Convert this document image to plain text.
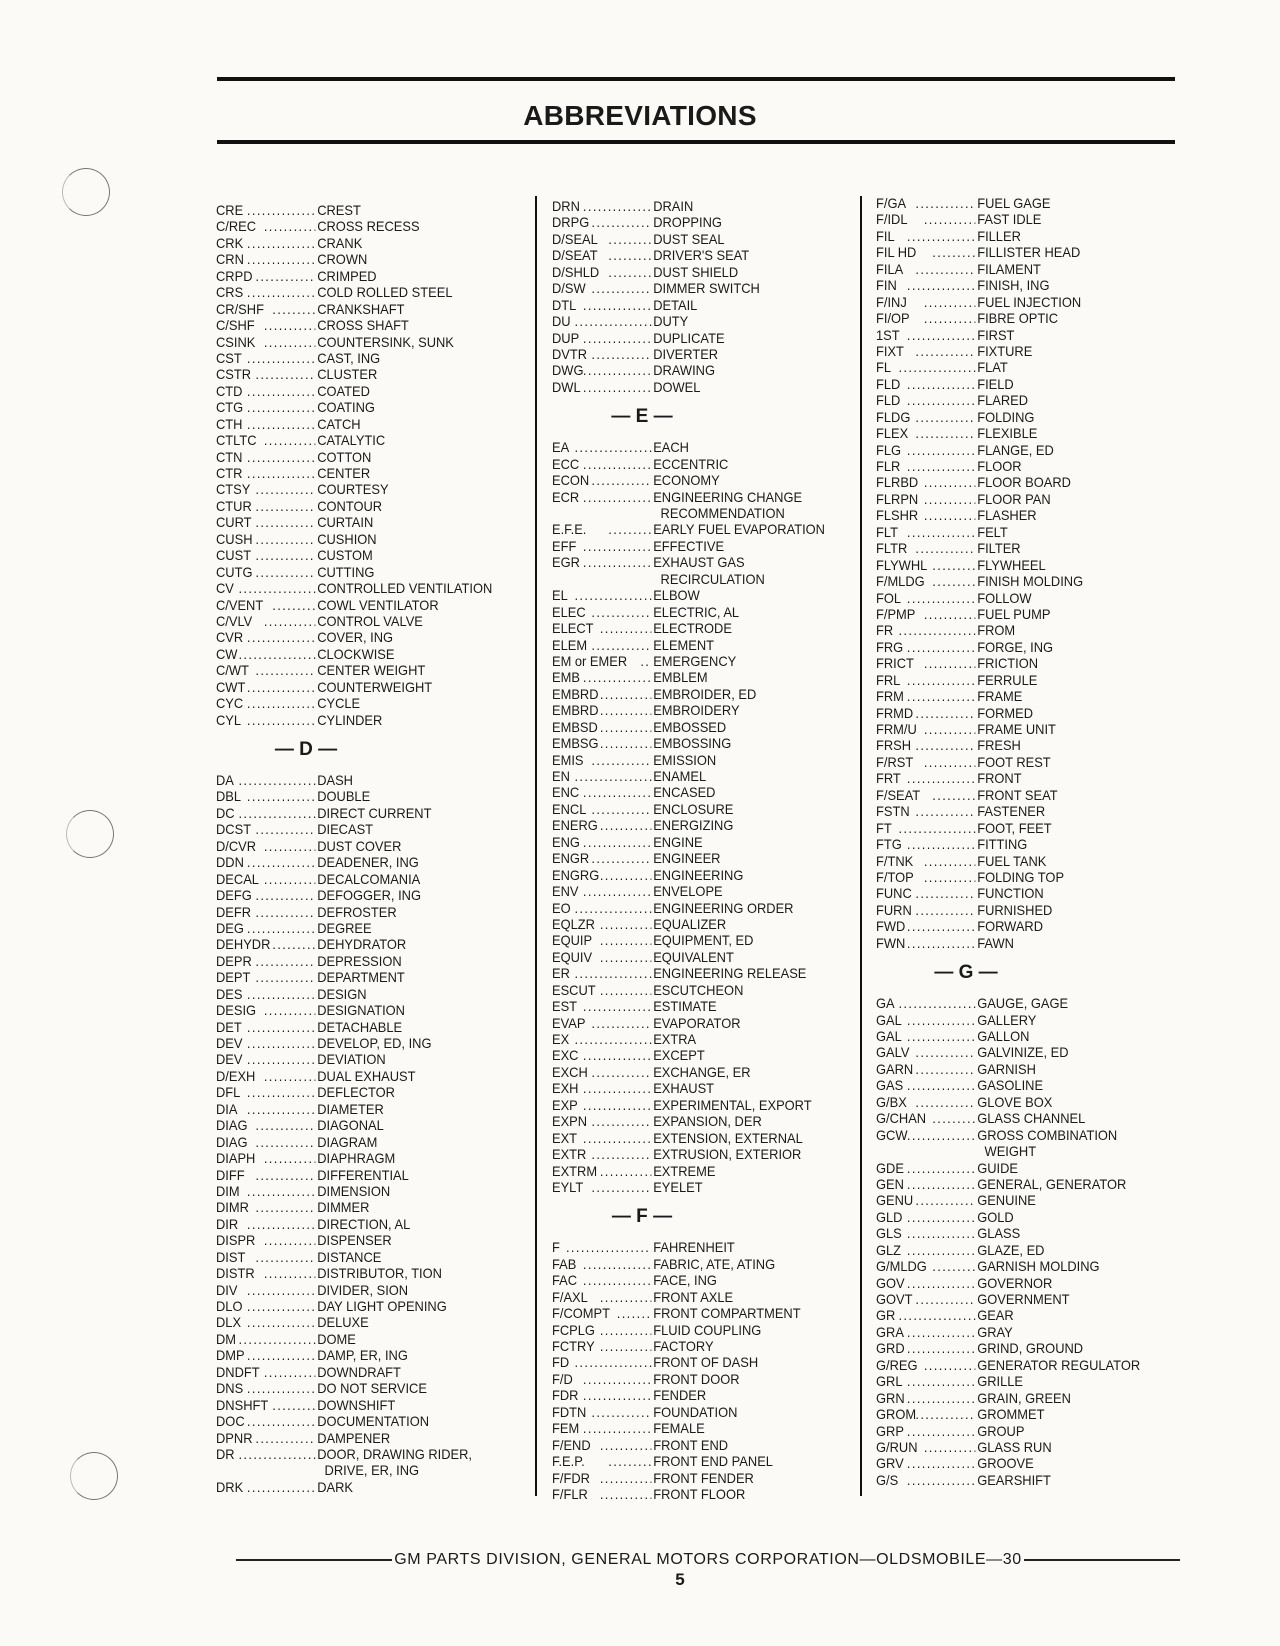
ABBREVIATIONS
CRE .....	CREST
C/REC .....	CROSS RECESS
CRK .....	CRANK
CRN .....	CROWN
CRPD .....	CRIMPED
CRS .....	COLD ROLLED STEEL
CR/SHF .....	CRANKSHAFT
C/SHF .....	CROSS SHAFT
CSINK .....	COUNTERSINK, SUNK
CST .....	CAST, ING
CSTR .....	CLUSTER
CTD .....	COATED
CTG .....	COATING
CTH .....	CATCH
CTLTC .....	CATALYTIC
CTN .....	COTTON
CTR .....	CENTER
CTSY .....	COURTESY
CTUR .....	CONTOUR
CURT .....	CURTAIN
CUSH .....	CUSHION
CUST .....	CUSTOM
CUTG .....	CUTTING
CV .....	CONTROLLED VENTILATION
C/VENT .....	COWL VENTILATOR
C/VLV .....	CONTROL VALVE
CVR .....	COVER, ING
CW .....	CLOCKWISE
C/WT .....	CENTER WEIGHT
CWT .....	COUNTERWEIGHT
CYC .....	CYCLE
CYL .....	CYLINDER
— D —
DA .....	DASH
DBL .....	DOUBLE
DC .....	DIRECT CURRENT
DCST .....	DIECAST
D/CVR .....	DUST COVER
DDN .....	DEADENER, ING
DECAL .....	DECALCOMANIA
DEFG .....	DEFOGGER, ING
DEFR .....	DEFROSTER
DEG .....	DEGREE
DEHYDR .....	DEHYDRATOR
DEPR .....	DEPRESSION
DEPT .....	DEPARTMENT
DES .....	DESIGN
DESIG .....	DESIGNATION
DET .....	DETACHABLE
DEV .....	DEVELOP, ED, ING
DEV .....	DEVIATION
D/EXH .....	DUAL EXHAUST
DFL .....	DEFLECTOR
DIA .....	DIAMETER
DIAG .....	DIAGONAL
DIAG .....	DIAGRAM
DIAPH .....	DIAPHRAGM
DIFF .....	DIFFERENTIAL
DIM .....	DIMENSION
DIMR .....	DIMMER
DIR .....	DIRECTION, AL
DISPR .....	DISPENSER
DIST .....	DISTANCE
DISTR .....	DISTRIBUTOR, TION
DIV .....	DIVIDER, SION
DLO .....	DAY LIGHT OPENING
DLX .....	DELUXE
DM .....	DOME
DMP .....	DAMP, ER, ING
DNDFT .....	DOWNDRAFT
DNS .....	DO NOT SERVICE
DNSHFT .....	DOWNSHIFT
DOC .....	DOCUMENTATION
DPNR .....	DAMPENER
DR .....	DOOR, DRAWING RIDER,
DRIVE, ER, ING
DRK .....	DARK
DRN .....	DRAIN
DRPG .....	DROPPING
D/SEAL .....	DUST SEAL
D/SEAT .....	DRIVER'S SEAT
D/SHLD .....	DUST SHIELD
D/SW .....	DIMMER SWITCH
DTL .....	DETAIL
DU .....	DUTY
DUP .....	DUPLICATE
DVTR .....	DIVERTER
DWG .....	DRAWING
DWL .....	DOWEL
— E —
EA .....	EACH
ECC .....	ECCENTRIC
ECON .....	ECONOMY
ECR .....	ENGINEERING CHANGE
RECOMMENDATION
E.F.E. .....	EARLY FUEL EVAPORATION
EFF .....	EFFECTIVE
EGR .....	EXHAUST GAS
RECIRCULATION
EL .....	ELBOW
ELEC .....	ELECTRIC, AL
ELECT .....	ELECTRODE
ELEM .....	ELEMENT
EM or EMER ..... EMERGENCY
EMB .....	EMBLEM
EMBRD .....	EMBROIDER, ED
EMBRD .....	EMBROIDERY
EMBSD .....	EMBOSSED
EMBSG .....	EMBOSSING
EMIS .....	EMISSION
EN .....	ENAMEL
ENC .....	ENCASED
ENCL .....	ENCLOSURE
ENERG .....	ENERGIZING
ENG .....	ENGINE
ENGR .....	ENGINEER
ENGRG .....	ENGINEERING
ENV .....	ENVELOPE
EO .....	ENGINEERING ORDER
EQLZR .....	EQUALIZER
EQUIP .....	EQUIPMENT, ED
EQUIV .....	EQUIVALENT
ER .....	ENGINEERING RELEASE
ESCUT .....	ESCUTCHEON
EST .....	ESTIMATE
EVAP .....	EVAPORATOR
EX .....	EXTRA
EXC .....	EXCEPT
EXCH .....	EXCHANGE, ER
EXH .....	EXHAUST
EXP .....	EXPERIMENTAL, EXPORT
EXPN .....	EXPANSION, DER
EXT .....	EXTENSION, EXTERNAL
EXTR .....	EXTRUSION, EXTERIOR
EXTRM .....	EXTREME
EYLT .....	EYELET
— F —
F .....	FAHRENHEIT
FAB .....	FABRIC, ATE, ATING
FAC .....	FACE, ING
F/AXL .....	FRONT AXLE
F/COMPT .....	FRONT COMPARTMENT
FCPLG .....	FLUID COUPLING
FCTRY .....	FACTORY
FD .....	FRONT OF DASH
F/D .....	FRONT DOOR
FDR .....	FENDER
FDTN .....	FOUNDATION
FEM .....	FEMALE
F/END .....	FRONT END
F.E.P. .....	FRONT END PANEL
F/FDR .....	FRONT FENDER
F/FLR .....	FRONT FLOOR
F/GA .....	FUEL GAGE
F/IDL .....	FAST IDLE
FIL .....	FILLER
FIL HD .....	FILLISTER HEAD
FILA .....	FILAMENT
FIN .....	FINISH, ING
F/INJ .....	FUEL INJECTION
FI/OP .....	FIBRE OPTIC
1ST .....	FIRST
FIXT .....	FIXTURE
FL .....	FLAT
FLD .....	FIELD
FLD .....	FLARED
FLDG .....	FOLDING
FLEX .....	FLEXIBLE
FLG .....	FLANGE, ED
FLR .....	FLOOR
FLRBD .....	FLOOR BOARD
FLRPN .....	FLOOR PAN
FLSHR .....	FLASHER
FLT .....	FELT
FLTR .....	FILTER
FLYWHL .....	FLYWHEEL
F/MLDG .....	FINISH MOLDING
FOL .....	FOLLOW
F/PMP .....	FUEL PUMP
FR .....	FROM
FRG .....	FORGE, ING
FRICT .....	FRICTION
FRL .....	FERRULE
FRM .....	FRAME
FRMD .....	FORMED
FRM/U .....	FRAME UNIT
FRSH .....	FRESH
F/RST .....	FOOT REST
FRT .....	FRONT
F/SEAT .....	FRONT SEAT
FSTN .....	FASTENER
FT .....	FOOT, FEET
FTG .....	FITTING
F/TNK .....	FUEL TANK
F/TOP .....	FOLDING TOP
FUNC .....	FUNCTION
FURN .....	FURNISHED
FWD .....	FORWARD
FWN .....	FAWN
— G —
GA .....	GAUGE, GAGE
GAL .....	GALLERY
GAL .....	GALLON
GALV .....	GALVINIZE, ED
GARN .....	GARNISH
GAS .....	GASOLINE
G/BX .....	GLOVE BOX
G/CHAN .....	GLASS CHANNEL
GCW .....	GROSS COMBINATION
WEIGHT
GDE .....	GUIDE
GEN .....	GENERAL, GENERATOR
GENU .....	GENUINE
GLD .....	GOLD
GLS .....	GLASS
GLZ .....	GLAZE, ED
G/MLDG .....	GARNISH MOLDING
GOV .....	GOVERNOR
GOVT .....	GOVERNMENT
GR .....	GEAR
GRA .....	GRAY
GRD .....	GRIND, GROUND
G/REG .....	GENERATOR REGULATOR
GRL .....	GRILLE
GRN .....	GRAIN, GREEN
GROM .....	GROMMET
GRP .....	GROUP
G/RUN .....	GLASS RUN
GRV .....	GROOVE
G/S .....	GEARSHIFT
GM PARTS DIVISION, GENERAL MOTORS CORPORATION—OLDSMOBILE—30
5
